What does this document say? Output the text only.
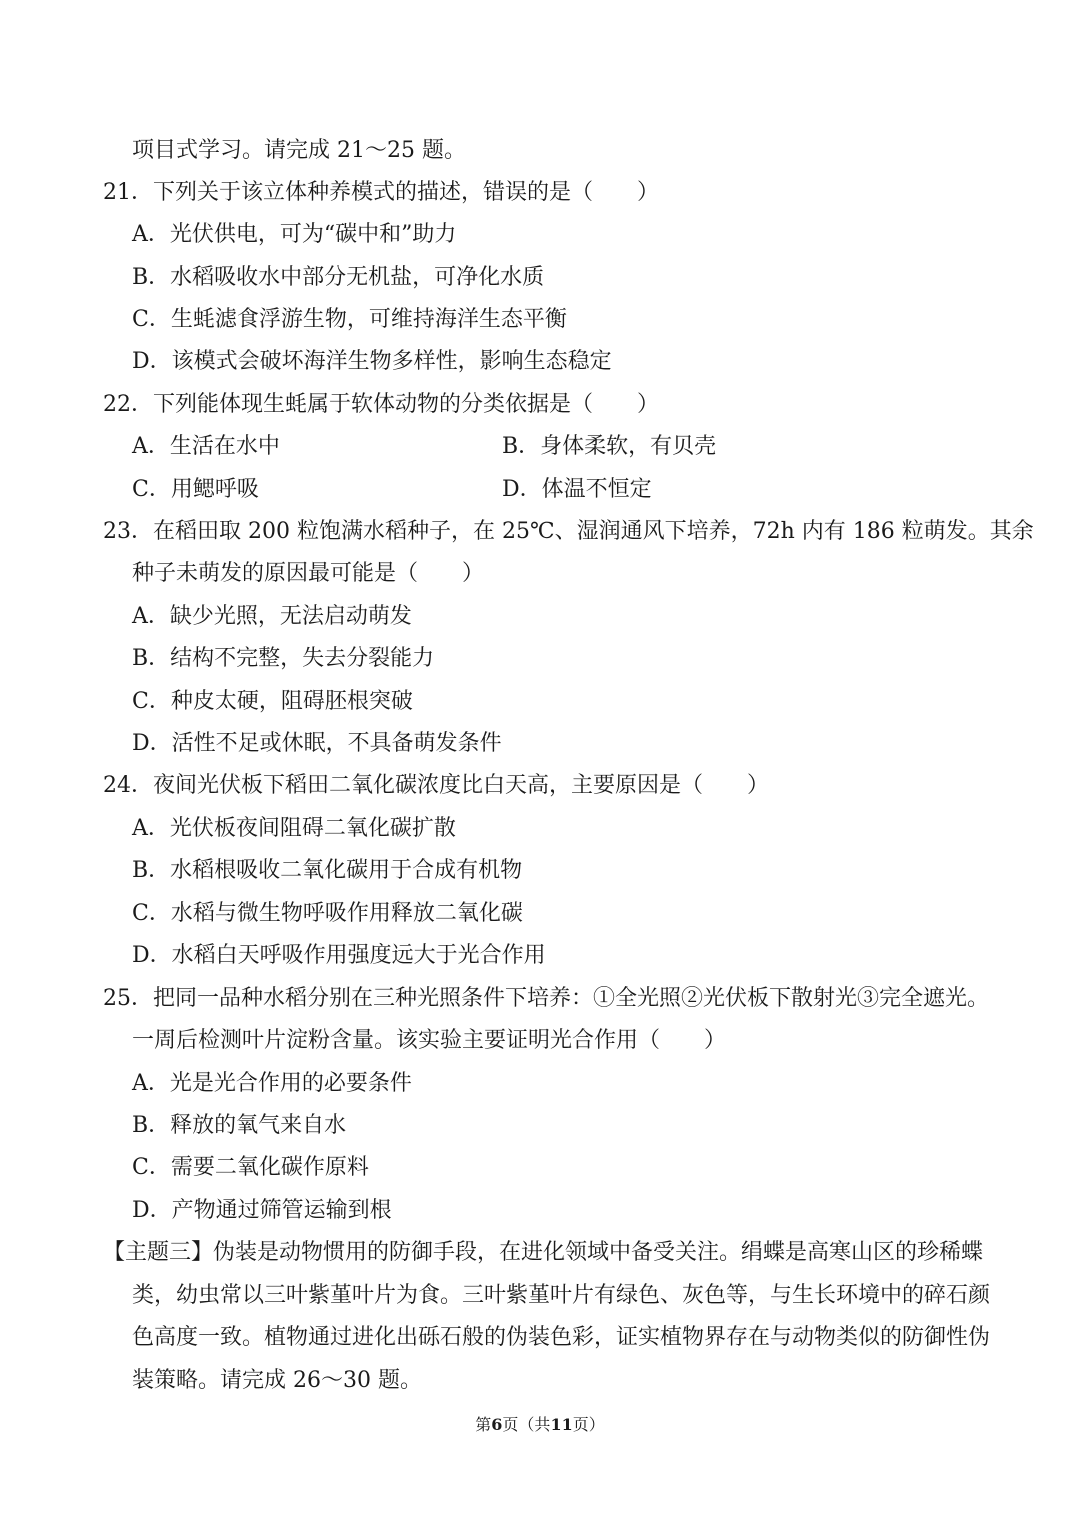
项目式学习。请完成 21～25 题。
21．下列关于该立体种养模式的描述，错误的是（　　）
A．光伏供电，可为“碳中和”助力
B．水稻吸收水中部分无机盐，可净化水质
C．生蚝滤食浮游生物，可维持海洋生态平衡
D．该模式会破坏海洋生物多样性，影响生态稳定
22．下列能体现生蚝属于软体动物的分类依据是（　　）
A．生活在水中	B．身体柔软，有贝壳
C．用鳃呼吸	D．体温不恒定
23．在稻田取 200 粒饱满水稻种子，在 25℃、湿润通风下培养，72h 内有 186 粒萌发。其余
种子未萌发的原因最可能是（　　）
A．缺少光照，无法启动萌发
B．结构不完整，失去分裂能力
C．种皮太硬，阻碍胚根突破
D．活性不足或休眠，不具备萌发条件
24．夜间光伏板下稻田二氧化碳浓度比白天高，主要原因是（　　）
A．光伏板夜间阻碍二氧化碳扩散
B．水稻根吸收二氧化碳用于合成有机物
C．水稻与微生物呼吸作用释放二氧化碳
D．水稻白天呼吸作用强度远大于光合作用
25．把同一品种水稻分别在三种光照条件下培养：①全光照②光伏板下散射光③完全遮光。
一周后检测叶片淀粉含量。该实验主要证明光合作用（　　）
A．光是光合作用的必要条件
B．释放的氧气来自水
C．需要二氧化碳作原料
D．产物通过筛管运输到根
【主题三】伪装是动物惯用的防御手段，在进化领域中备受关注。绢蝶是高寒山区的珍稀蝶
类，幼虫常以三叶紫堇叶片为食。三叶紫堇叶片有绿色、灰色等，与生长环境中的碎石颜
色高度一致。植物通过进化出砾石般的伪装色彩，证实植物界存在与动物类似的防御性伪
装策略。请完成 26～30 题。
第6页（共11页）
